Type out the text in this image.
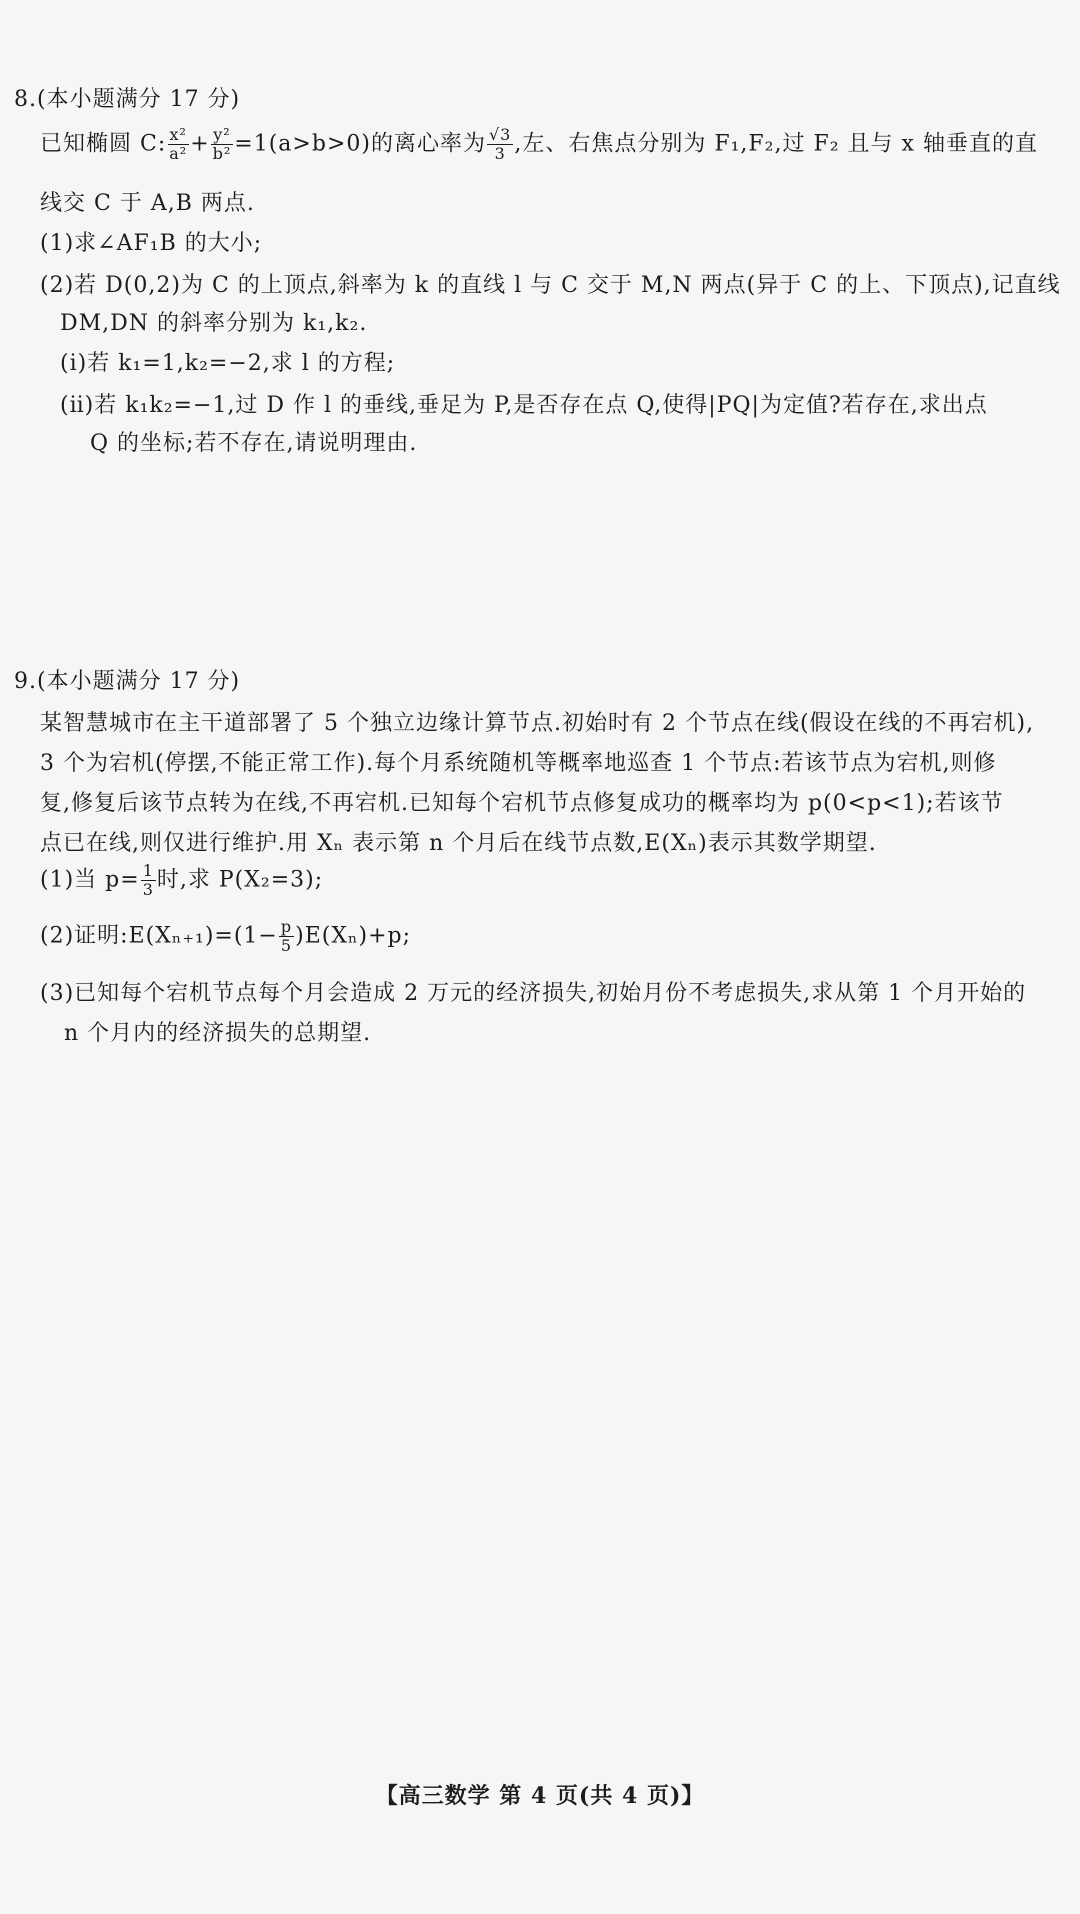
8.(本小题满分 17 分)
已知椭圆 C: $\frac{\text{x²}}{\text{a²}} + \frac{\text{y²}}{\text{b²}} =1(a>b>0)$的离心率为 $\frac{√3}{3}$ ,左、右焦点分别为 F₁,F₂,过 F₂ 且与 x 轴垂直的直
线交 C 于 A,B 两点.
(1)求∠AF₁B 的大小;
(2)若 D(0,2)为 C 的上顶点,斜率为 k 的直线 l 与 C 交于 M,N 两点(异于 C 的上、下顶点),记直线
DM,DN 的斜率分别为 k₁,k₂.
(ⅰ)若 k₁=1,k₂=−2,求 l 的方程;
(ⅱ)若 k₁k₂=−1,过 D 作 l 的垂线,垂足为 P,是否存在点 Q,使得|PQ|为定值?若存在,求出点
Q 的坐标;若不存在,请说明理由.
9.(本小题满分 17 分)
某智慧城市在主干道部署了 5 个独立边缘计算节点.初始时有 2 个节点在线(假设在线的不再宕机),
3 个为宕机(停摆,不能正常工作).每个月系统随机等概率地巡查 1 个节点:若该节点为宕机,则修
复,修复后该节点转为在线,不再宕机.已知每个宕机节点修复成功的概率均为 p(0<p<1);若该节
点已在线,则仅进行维护.用 Xₙ 表示第 n 个月后在线节点数,E(Xₙ)表示其数学期望.
(1)当 $p= \frac{1}{3}$ 时,求 P(X₂=3);
(2)证明:E(Xₙ₊₁)=(1− $\frac{p}{5} )E(X_n)+p$;
(3)已知每个宕机节点每个月会造成 2 万元的经济损失,初始月份不考虑损失,求从第 1 个月开始的
n 个月内的经济损失的总期望.
【高三数学 第 4 页(共 4 页)】
